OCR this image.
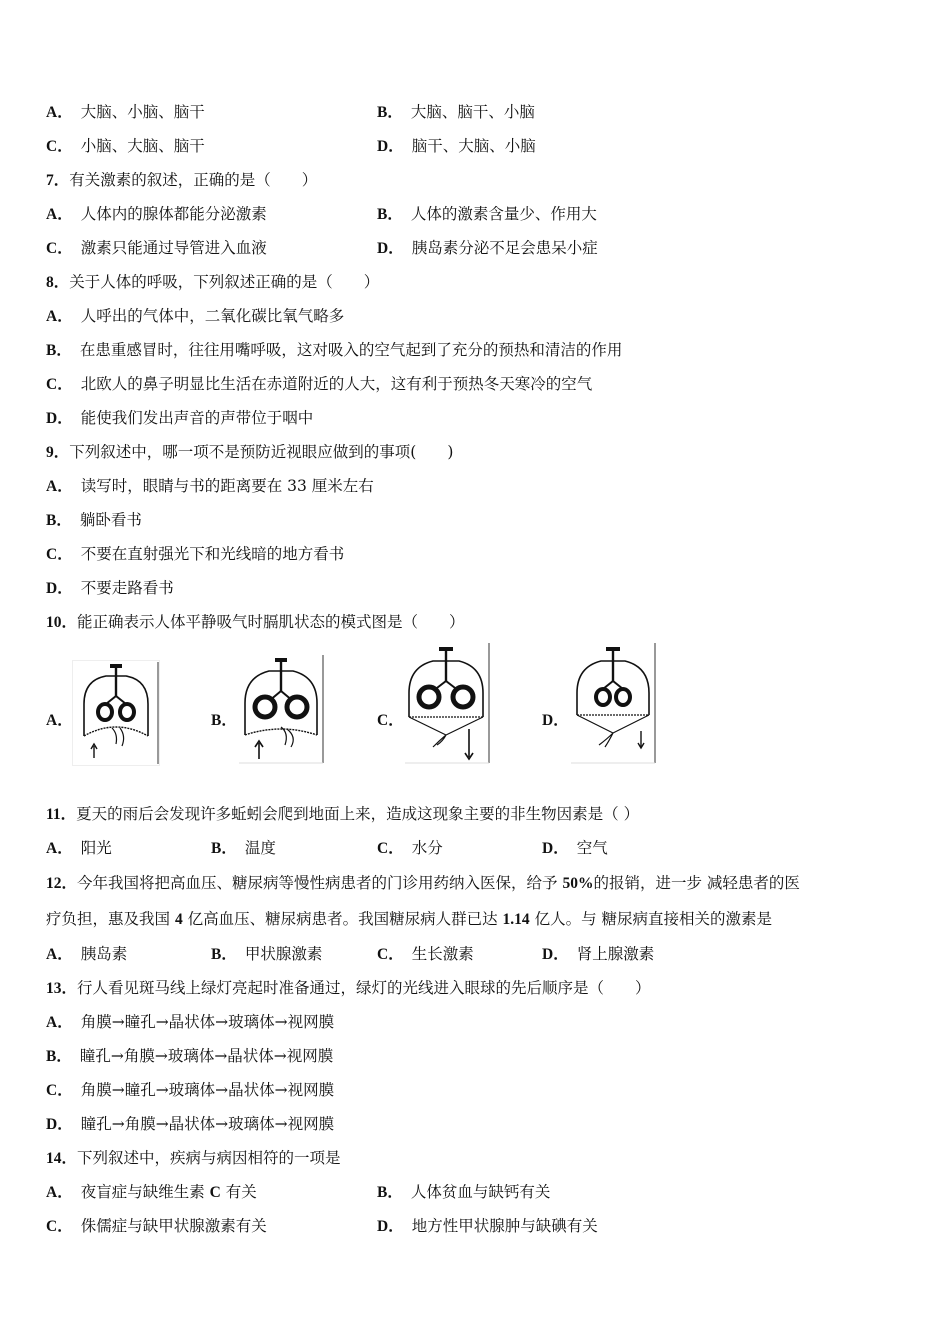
A． 大脑、小脑、脑干	B． 大脑、脑干、小脑
C． 小脑、大脑、脑干	D． 脑干、大脑、小脑
7．有关激素的叙述，正确的是（　　）
A． 人体内的腺体都能分泌激素	B． 人体的激素含量少、作用大
C． 激素只能通过导管进入血液	D． 胰岛素分泌不足会患呆小症
8．关于人体的呼吸，下列叙述正确的是（　　）
A． 人呼出的气体中，二氧化碳比氧气略多
B． 在患重感冒时，往往用嘴呼吸，这对吸入的空气起到了充分的预热和清洁的作用
C． 北欧人的鼻子明显比生活在赤道附近的人大，这有利于预热冬天寒冷的空气
D． 能使我们发出声音的声带位于咽中
9．下列叙述中，哪一项不是预防近视眼应做到的事项(　　)
A． 读写时，眼睛与书的距离要在 33 厘米左右
B． 躺卧看书
C． 不要在直射强光下和光线暗的地方看书
D． 不要走路看书
10．能正确表示人体平静吸气时膈肌状态的模式图是（　　）
A．	B．	C．	D．
11．夏天的雨后会发现许多蚯蚓会爬到地面上来，造成这现象主要的非生物因素是（ ）
A． 阳光	B． 温度	C． 水分	D． 空气
12．今年我国将把高血压、糖尿病等慢性病患者的门诊用药纳入医保，给予 50%的报销，进一步 减轻患者的医
疗负担，惠及我国 4 亿高血压、糖尿病患者。我国糖尿病人群已达 1.14 亿人。与 糖尿病直接相关的激素是
A． 胰岛素	B． 甲状腺激素	C． 生长激素	D． 肾上腺激素
13．行人看见斑马线上绿灯亮起时准备通过，绿灯的光线进入眼球的先后顺序是（　　）
A． 角膜→瞳孔→晶状体→玻璃体→视网膜
B． 瞳孔→角膜→玻璃体→晶状体→视网膜
C． 角膜→瞳孔→玻璃体→晶状体→视网膜
D． 瞳孔→角膜→晶状体→玻璃体→视网膜
14．下列叙述中，疾病与病因相符的一项是
A． 夜盲症与缺维生素 C 有关	B． 人体贫血与缺钙有关
C． 侏儒症与缺甲状腺激素有关	D． 地方性甲状腺肿与缺碘有关
